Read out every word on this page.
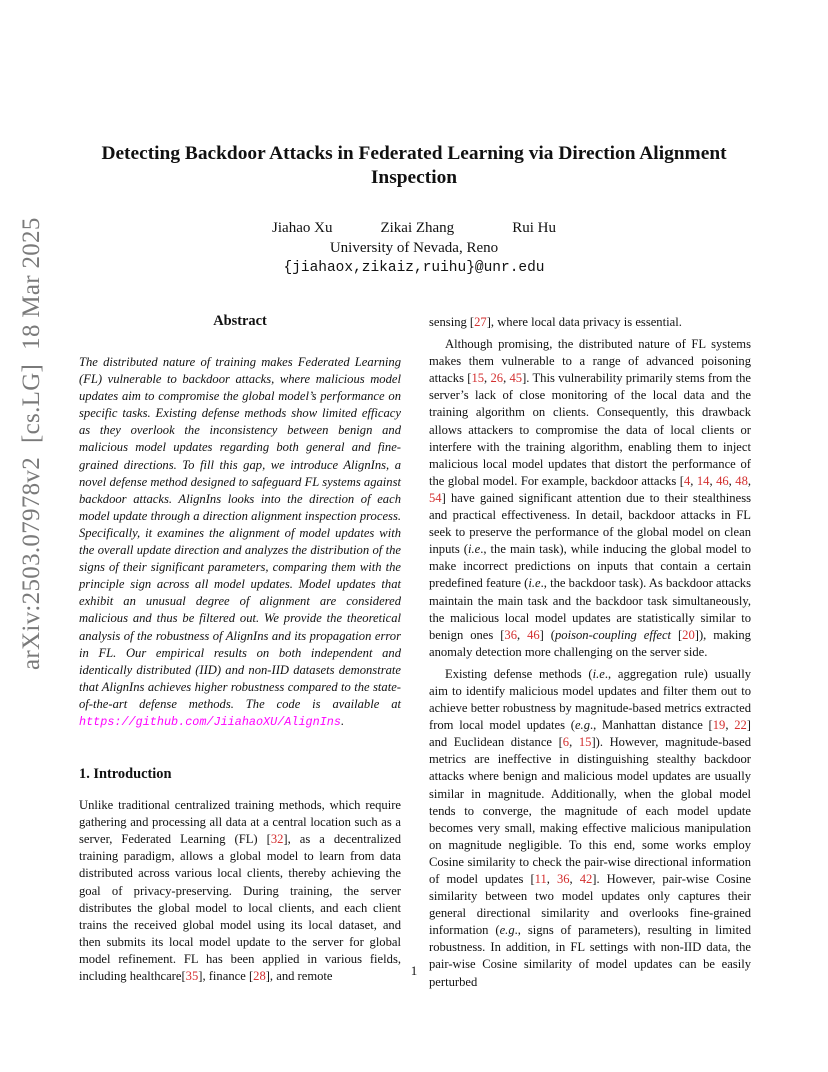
arXiv:2503.07978v2[cs.LG]18 Mar 2025
Detecting Backdoor Attacks in Federated Learning via Direction Alignment Inspection
Jiahao Xu	Zikai Zhang	Rui Hu
University of Nevada, Reno
{jiahaox,zikaiz,ruihu}@unr.edu
Abstract

The distributed nature of training makes Federated Learning (FL) vulnerable to backdoor attacks, where malicious model updates aim to compromise the global model’s performance on specific tasks. Existing defense methods show limited efficacy as they overlook the inconsistency between benign and malicious model updates regarding both general and fine-grained directions. To fill this gap, we introduce AlignIns, a novel defense method designed to safeguard FL systems against backdoor attacks. AlignIns looks into the direction of each model update through a direction alignment inspection process. Specifically, it examines the alignment of model updates with the overall update direction and analyzes the distribution of the signs of their significant parameters, comparing them with the principle sign across all model updates. Model updates that exhibit an unusual degree of alignment are considered malicious and thus be filtered out. We provide the theoretical analysis of the robustness of AlignIns and its propagation error in FL. Our empirical results on both independent and identically distributed (IID) and non-IID datasets demonstrate that AlignIns achieves higher robustness compared to the state-of-the-art defense methods. The code is available at https://github.com/JiiahaoXU/AlignIns.

1. Introduction

Unlike traditional centralized training methods, which require gathering and processing all data at a central location such as a server, Federated Learning (FL) [32], as a decentralized training paradigm, allows a global model to learn from data distributed across various local clients, thereby achieving the goal of privacy-preserving. During training, the server distributes the global model to local clients, and each client trains the received global model using its local dataset, and then submits its local model update to the server for global model refinement. FL has been applied in various fields, including healthcare[35], finance [28], and remote

sensing [27], where local data privacy is essential.

Although promising, the distributed nature of FL systems makes them vulnerable to a range of advanced poisoning attacks [15, 26, 45]. This vulnerability primarily stems from the server’s lack of close monitoring of the local data and the training algorithm on clients. Consequently, this drawback allows attackers to compromise the data of local clients or interfere with the training algorithm, enabling them to inject malicious local model updates that distort the performance of the global model. For example, backdoor attacks [4, 14, 46, 48, 54] have gained significant attention due to their stealthiness and practical effectiveness. In detail, backdoor attacks in FL seek to preserve the performance of the global model on clean inputs (i.e., the main task), while inducing the global model to make incorrect predictions on inputs that contain a certain predefined feature (i.e., the backdoor task). As backdoor attacks maintain the main task and the backdoor task simultaneously, the malicious local model updates are statistically similar to benign ones [36, 46] (poison-coupling effect [20]), making anomaly detection more challenging on the server side.

Existing defense methods (i.e., aggregation rule) usually aim to identify malicious model updates and filter them out to achieve better robustness by magnitude-based metrics extracted from local model updates (e.g., Manhattan distance [19, 22] and Euclidean distance [6, 15]). However, magnitude-based metrics are ineffective in distinguishing stealthy backdoor attacks where benign and malicious model updates are usually similar in magnitude. Additionally, when the global model tends to converge, the magnitude of each model update becomes very small, making effective malicious manipulation on magnitude negligible. To this end, some works employ Cosine similarity to check the pair-wise directional information of model updates [11, 36, 42]. However, pair-wise Cosine similarity between two model updates only captures their general directional similarity and overlooks fine-grained information (e.g., signs of parameters), resulting in limited robustness. In addition, in FL settings with non-IID data, the pair-wise Cosine similarity of model updates can be easily perturbed

1
